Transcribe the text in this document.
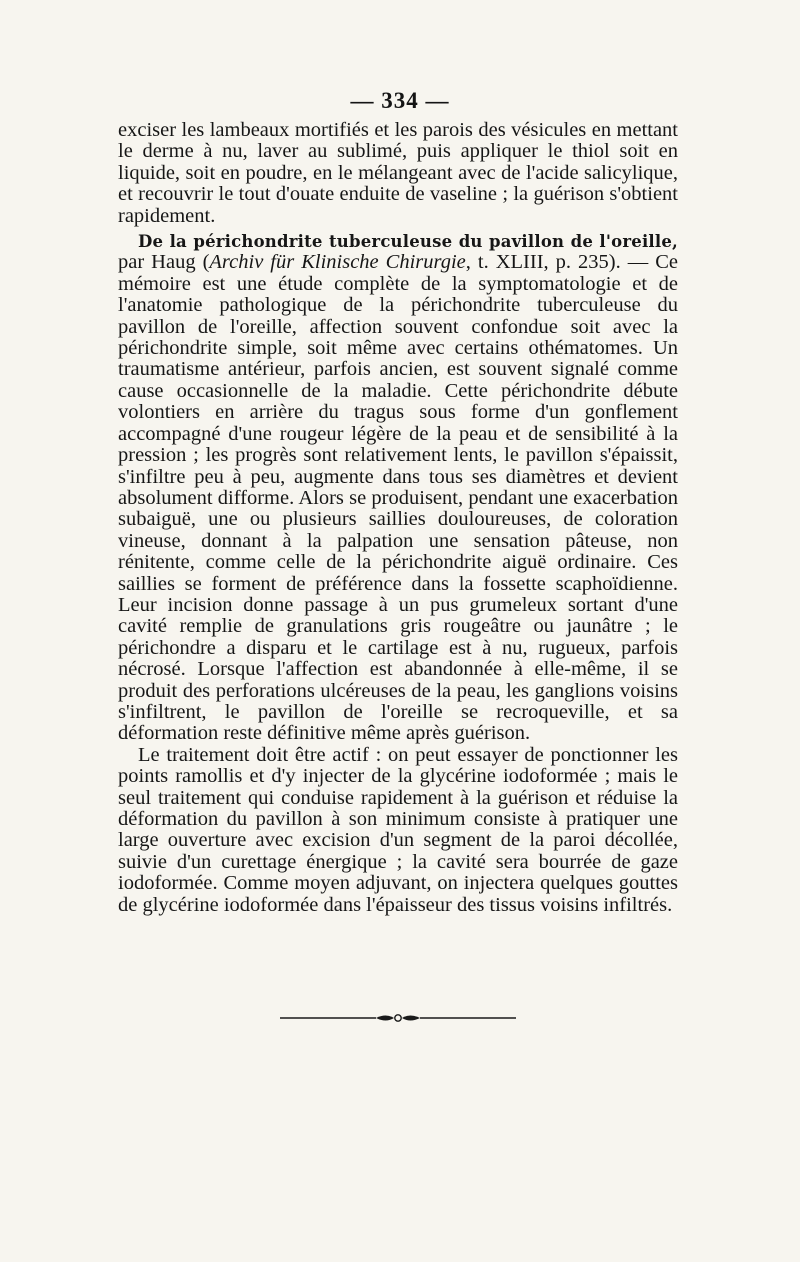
— 334 —

exciser les lambeaux mortifiés et les parois des vésicules en mettant le derme à nu, laver au sublimé, puis appliquer le thiol soit en liquide, soit en poudre, en le mélangeant avec de l'acide salicylique, et recouvrir le tout d'ouate enduite de vaseline ; la guérison s'obtient rapidement.

De la périchondrite tuberculeuse du pavillon de l'oreille, par Haug (Archiv für Klinische Chirurgie, t. XLIII, p. 235). — Ce mémoire est une étude complète de la symptomatologie et de l'anatomie pathologique de la périchondrite tuberculeuse du pavillon de l'oreille, affection souvent confondue soit avec la périchondrite simple, soit même avec certains othématomes. Un traumatisme antérieur, parfois ancien, est souvent signalé comme cause occasionnelle de la maladie. Cette périchondrite débute volontiers en arrière du tragus sous forme d'un gonflement accompagné d'une rougeur légère de la peau et de sensibilité à la pression ; les progrès sont relativement lents, le pavillon s'épaissit, s'infiltre peu à peu, augmente dans tous ses diamètres et devient absolument difforme. Alors se produisent, pendant une exacerbation subaiguë, une ou plusieurs saillies douloureuses, de coloration vineuse, donnant à la palpation une sensation pâteuse, non rénitente, comme celle de la périchondrite aiguë ordinaire. Ces saillies se forment de préférence dans la fossette scaphoïdienne. Leur incision donne passage à un pus grumeleux sortant d'une cavité remplie de granulations gris rougeâtre ou jaunâtre ; le périchondre a disparu et le cartilage est à nu, rugueux, parfois nécrosé. Lorsque l'affection est abandonnée à elle-même, il se produit des perforations ulcéreuses de la peau, les ganglions voisins s'infiltrent, le pavillon de l'oreille se recroqueville, et sa déformation reste définitive même après guérison.

Le traitement doit être actif : on peut essayer de ponctionner les points ramollis et d'y injecter de la glycérine iodoformée ; mais le seul traitement qui conduise rapidement à la guérison et réduise la déformation du pavillon à son minimum consiste à pratiquer une large ouverture avec excision d'un segment de la paroi décollée, suivie d'un curettage énergique ; la cavité sera bourrée de gaze iodoformée. Comme moyen adjuvant, on injectera quelques gouttes de glycérine iodoformée dans l'épaisseur des tissus voisins infiltrés.
